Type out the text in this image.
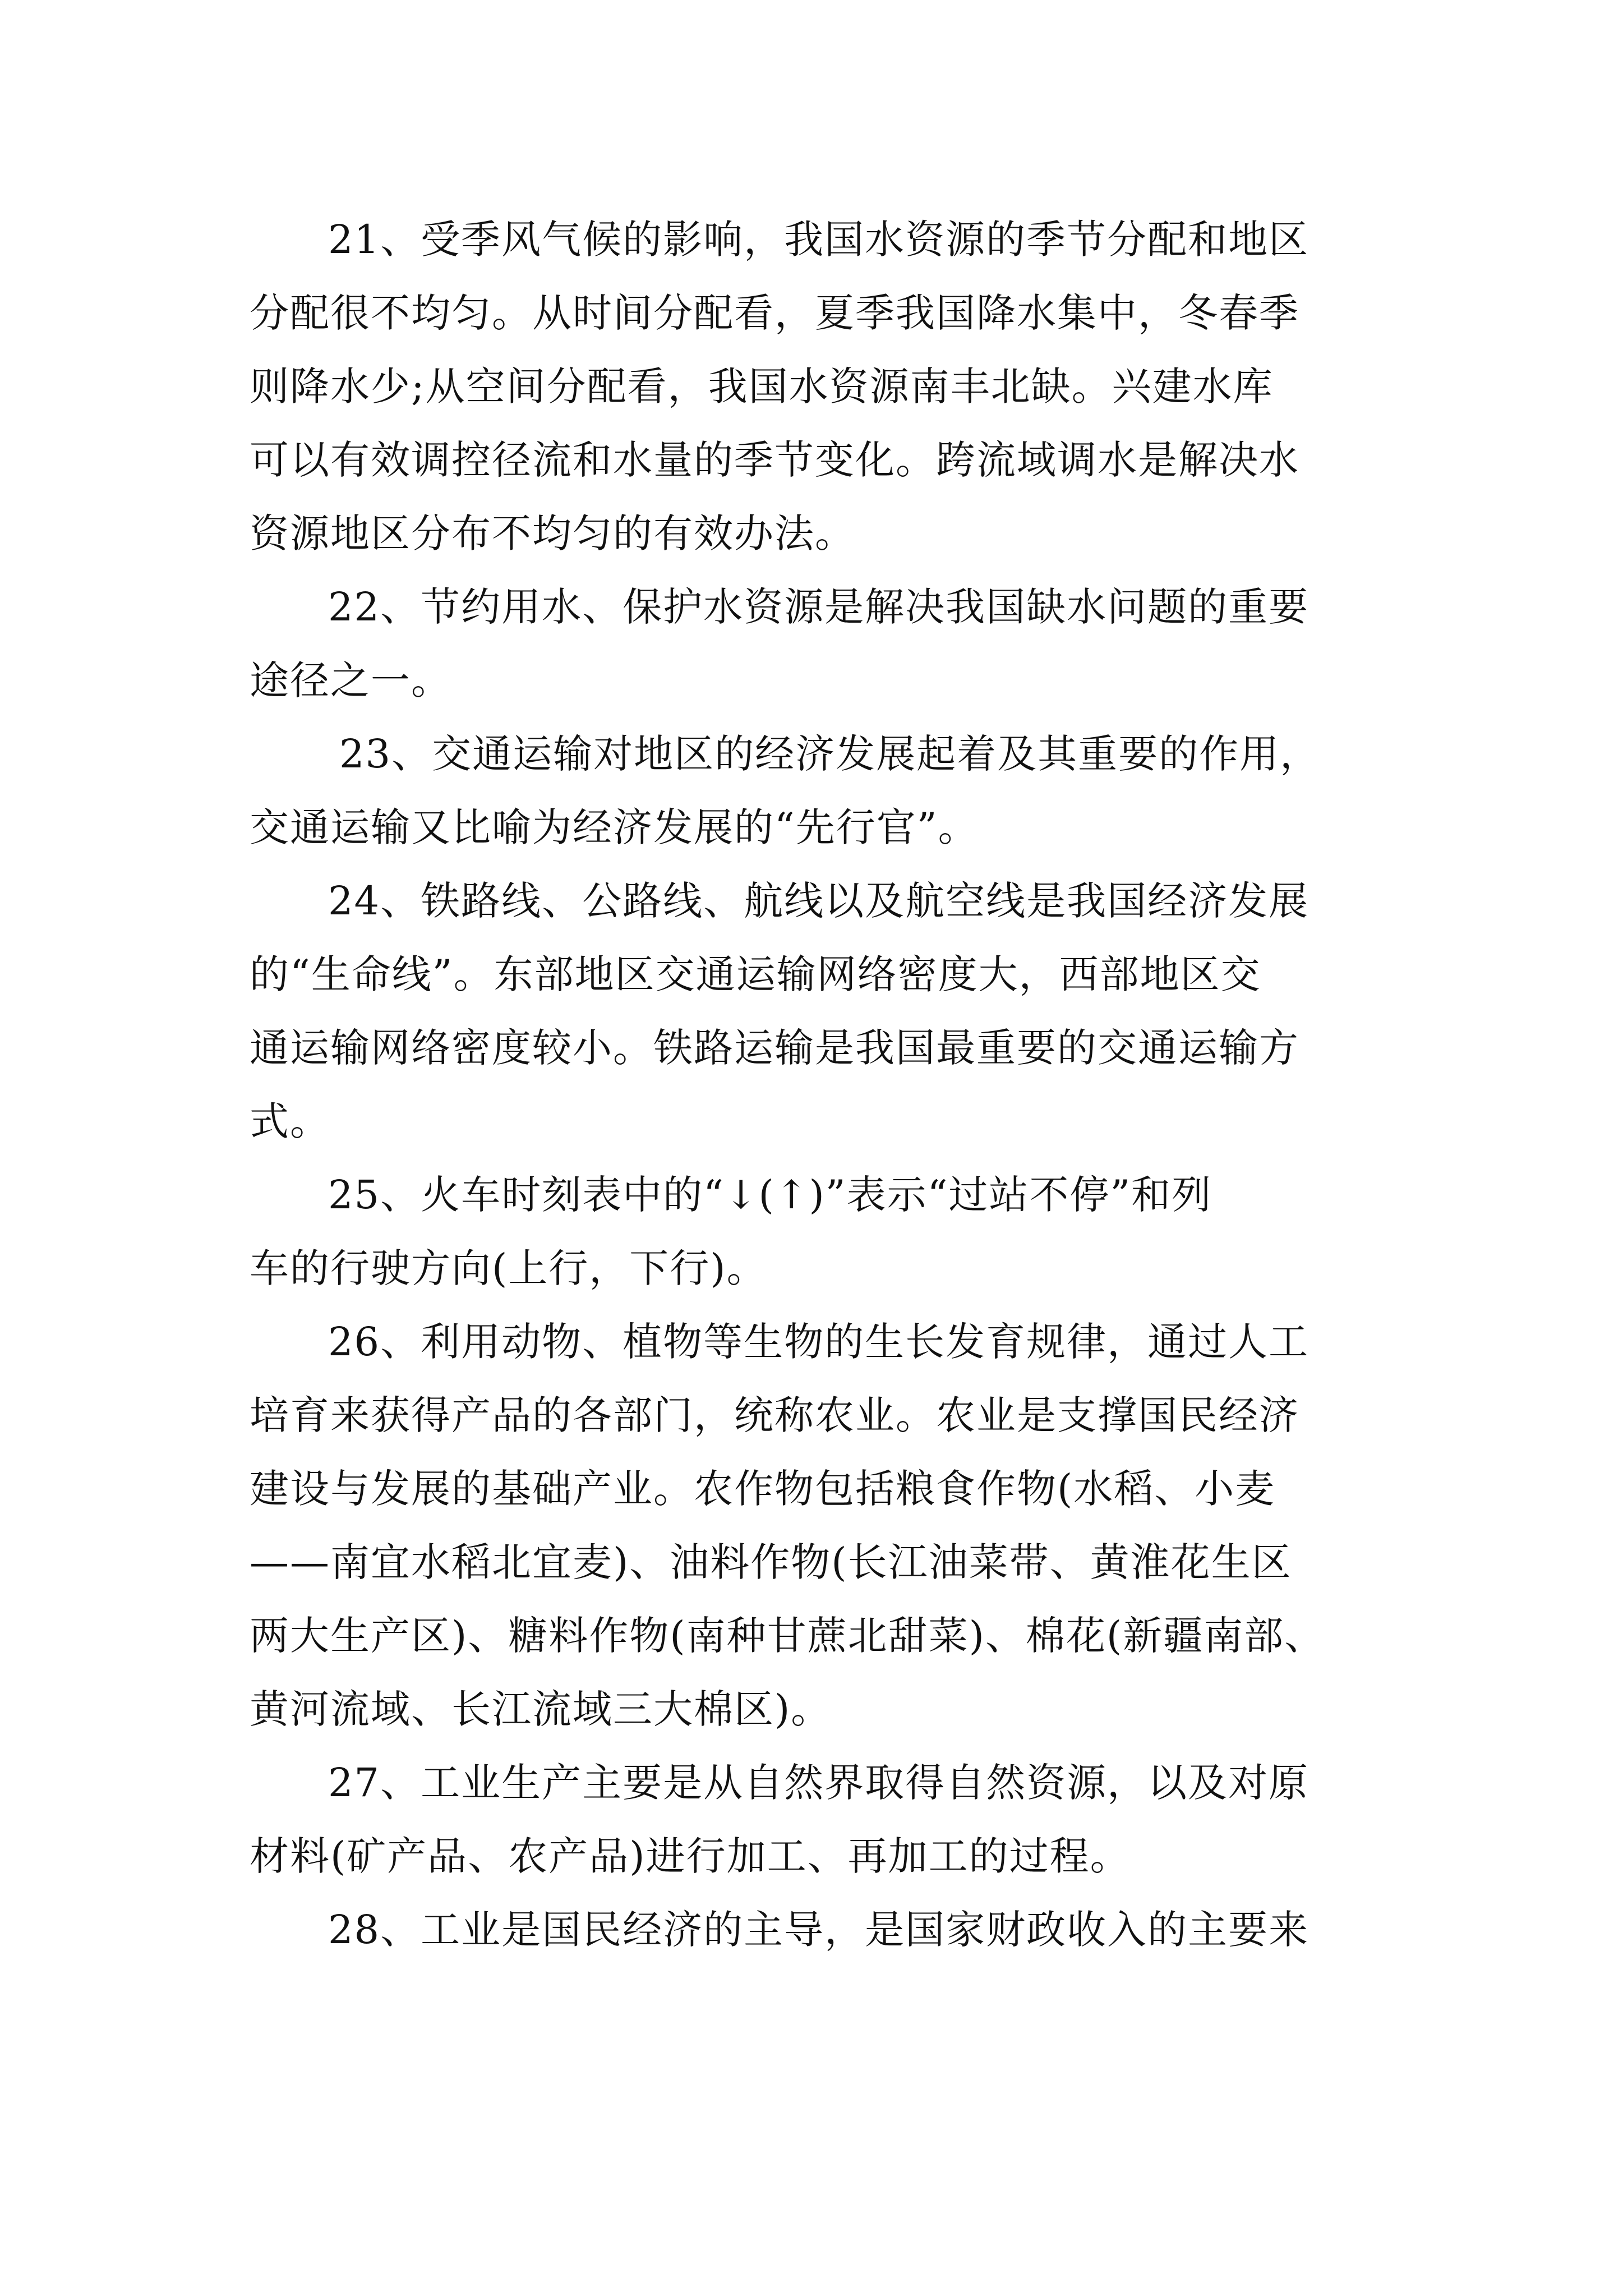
21、受季风气候的影响，我国水资源的季节分配和地区
分配很不均匀。从时间分配看，夏季我国降水集中，冬春季
则降水少;从空间分配看，我国水资源南丰北缺。兴建水库
可以有效调控径流和水量的季节变化。跨流域调水是解决水
资源地区分布不均匀的有效办法。
22、节约用水、保护水资源是解决我国缺水问题的重要
途径之一。
23、交通运输对地区的经济发展起着及其重要的作用，
交通运输又比喻为经济发展的“先行官”。
24、铁路线、公路线、航线以及航空线是我国经济发展
的“生命线”。东部地区交通运输网络密度大，西部地区交
通运输网络密度较小。铁路运输是我国最重要的交通运输方
式。
25、火车时刻表中的“↓(↑)”表示“过站不停”和列
车的行驶方向(上行，下行)。
26、利用动物、植物等生物的生长发育规律，通过人工
培育来获得产品的各部门，统称农业。农业是支撑国民经济
建设与发展的基础产业。农作物包括粮食作物(水稻、小麦
——南宜水稻北宜麦)、油料作物(长江油菜带、黄淮花生区
两大生产区)、糖料作物(南种甘蔗北甜菜)、棉花(新疆南部、
黄河流域、长江流域三大棉区)。
27、工业生产主要是从自然界取得自然资源，以及对原
材料(矿产品、农产品)进行加工、再加工的过程。
28、工业是国民经济的主导，是国家财政收入的主要来
